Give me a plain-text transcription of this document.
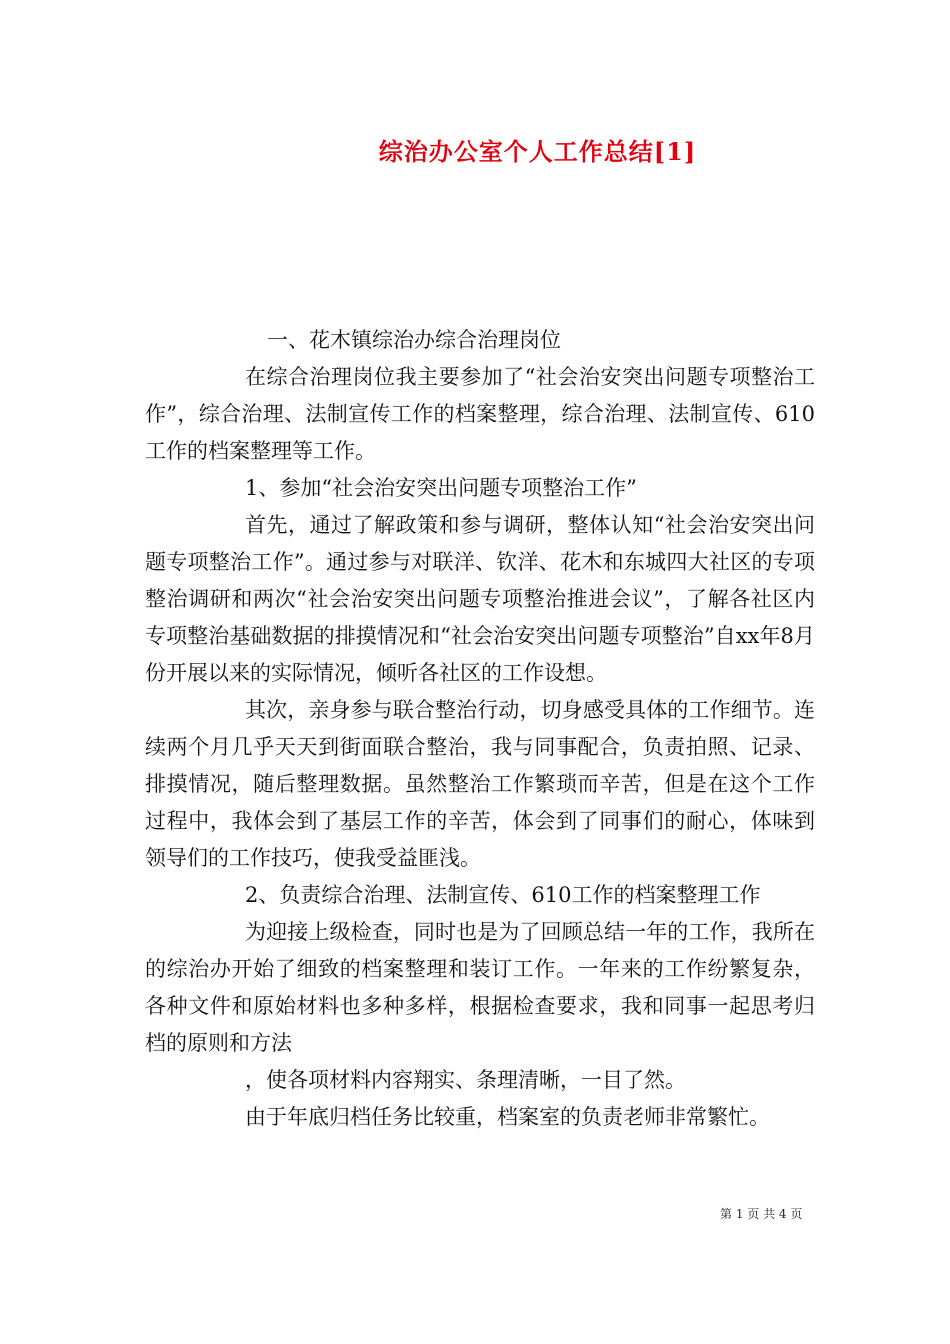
综治办公室个人工作总结[1]

一、花木镇综治办综合治理岗位

在综合治理岗位我主要参加了“社会治安突出问题专项整治工作”，综合治理、法制宣传工作的档案整理，综合治理、法制宣传、610工作的档案整理等工作。

1、参加“社会治安突出问题专项整治工作”

首先，通过了解政策和参与调研，整体认知“社会治安突出问题专项整治工作”。通过参与对联洋、钦洋、花木和东城四大社区的专项整治调研和两次“社会治安突出问题专项整治推进会议”，了解各社区内专项整治基础数据的排摸情况和“社会治安突出问题专项整治”自xx年8月份开展以来的实际情况，倾听各社区的工作设想。

其次，亲身参与联合整治行动，切身感受具体的工作细节。连续两个月几乎天天到街面联合整治，我与同事配合，负责拍照、记录、排摸情况，随后整理数据。虽然整治工作繁琐而辛苦，但是在这个工作过程中，我体会到了基层工作的辛苦，体会到了同事们的耐心，体味到领导们的工作技巧，使我受益匪浅。

2、负责综合治理、法制宣传、610工作的档案整理工作

为迎接上级检查，同时也是为了回顾总结一年的工作，我所在的综治办开始了细致的档案整理和装订工作。一年来的工作纷繁复杂，各种文件和原始材料也多种多样，根据检查要求，我和同事一起思考归档的原则和方法

，使各项材料内容翔实、条理清晰，一目了然。

由于年底归档任务比较重，档案室的负责老师非常繁忙。

第 1 页 共 4 页
